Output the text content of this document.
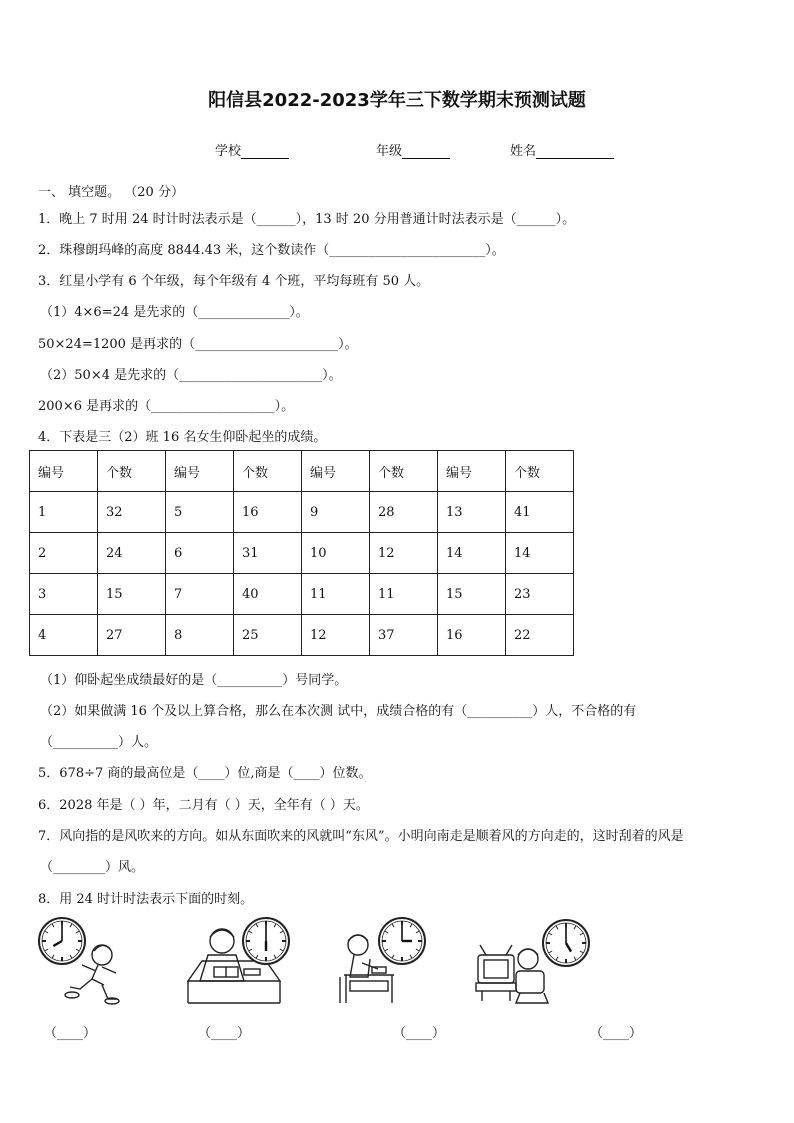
阳信县2022-2023学年三下数学期末预测试题
学校	年级	姓名
一、 填空题。 （20 分）
1．晚上 7 时用 24 时计时法表示是（______），13 时 20 分用普通计时法表示是（______）。
2．珠穆朗玛峰的高度 8844.43 米，这个数读作（________________________）。
3．红星小学有 6 个年级，每个年级有 4 个班，平均每班有 50 人。
（1）4×6=24 是先求的（______________）。
50×24=1200 是再求的（______________________）。
（2）50×4 是先求的（______________________）。
200×6 是再求的（___________________）。
4．下表是三（2）班 16 名女生仰卧起坐的成绩。
编号	个数	编号	个数	编号	个数	编号	个数
1	32	5	16	9	28	13	41
2	24	6	31	10	12	14	14
3	15	7	40	11	11	15	23
4	27	8	25	12	37	16	22
（1）仰卧起坐成绩最好的是（__________）号同学。
（2）如果做满 16 个及以上算合格，那么在本次测 试中，成绩合格的有（__________）人，不合格的有
（__________）人。
5．678÷7 商的最高位是（____）位,商是（____）位数。
6．2028 年是（ ）年，二月有（ ）天，全年有（ ）天。
7．风向指的是风吹来的方向。如从东面吹来的风就叫“东风”。小明向南走是顺着风的方向走的，这时刮着的风是
（________）风。
8．用 24 时计时法表示下面的时刻。
（____）	（____）	（____）	（____）
